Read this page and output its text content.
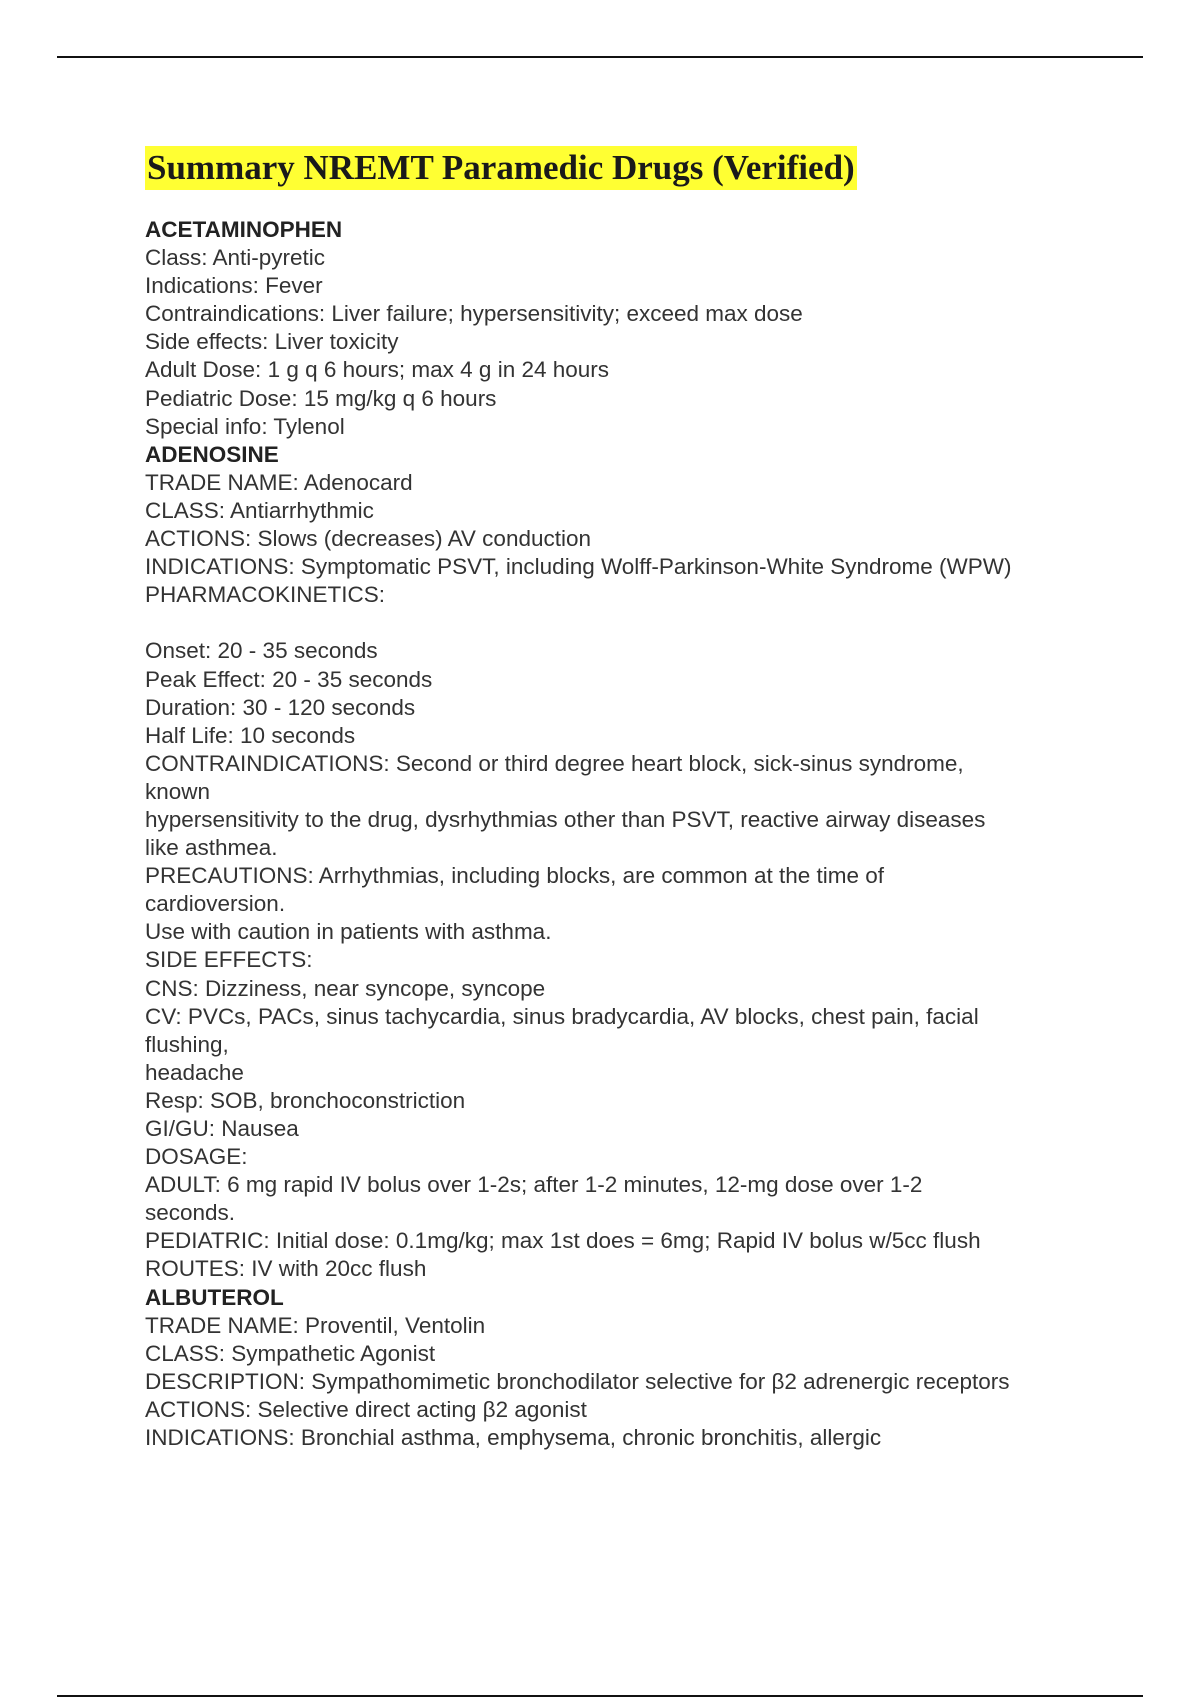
Summary NREMT Paramedic Drugs (Verified)
ACETAMINOPHEN
Class: Anti-pyretic
Indications: Fever
Contraindications: Liver failure; hypersensitivity; exceed max dose
Side effects: Liver toxicity
Adult Dose: 1 g q 6 hours; max 4 g in 24 hours
Pediatric Dose: 15 mg/kg q 6 hours
Special info: Tylenol
ADENOSINE
TRADE NAME: Adenocard
CLASS: Antiarrhythmic
ACTIONS: Slows (decreases) AV conduction
INDICATIONS: Symptomatic PSVT, including Wolff-Parkinson-White Syndrome (WPW)
PHARMACOKINETICS:
Onset: 20 - 35 seconds
Peak Effect: 20 - 35 seconds
Duration: 30 - 120 seconds
Half Life: 10 seconds
CONTRAINDICATIONS: Second or third degree heart block, sick-sinus syndrome,
known
hypersensitivity to the drug, dysrhythmias other than PSVT, reactive airway diseases
like asthmea.
PRECAUTIONS: Arrhythmias, including blocks, are common at the time of
cardioversion.
Use with caution in patients with asthma.
SIDE EFFECTS:
CNS: Dizziness, near syncope, syncope
CV: PVCs, PACs, sinus tachycardia, sinus bradycardia, AV blocks, chest pain, facial
flushing,
headache
Resp: SOB, bronchoconstriction
GI/GU: Nausea
DOSAGE:
ADULT: 6 mg rapid IV bolus over 1-2s; after 1-2 minutes, 12-mg dose over 1-2
seconds.
PEDIATRIC: Initial dose: 0.1mg/kg; max 1st does = 6mg; Rapid IV bolus w/5cc flush
ROUTES: IV with 20cc flush
ALBUTEROL
TRADE NAME: Proventil, Ventolin
CLASS: Sympathetic Agonist
DESCRIPTION: Sympathomimetic bronchodilator selective for β2 adrenergic receptors
ACTIONS: Selective direct acting β2 agonist
INDICATIONS: Bronchial asthma, emphysema, chronic bronchitis, allergic
